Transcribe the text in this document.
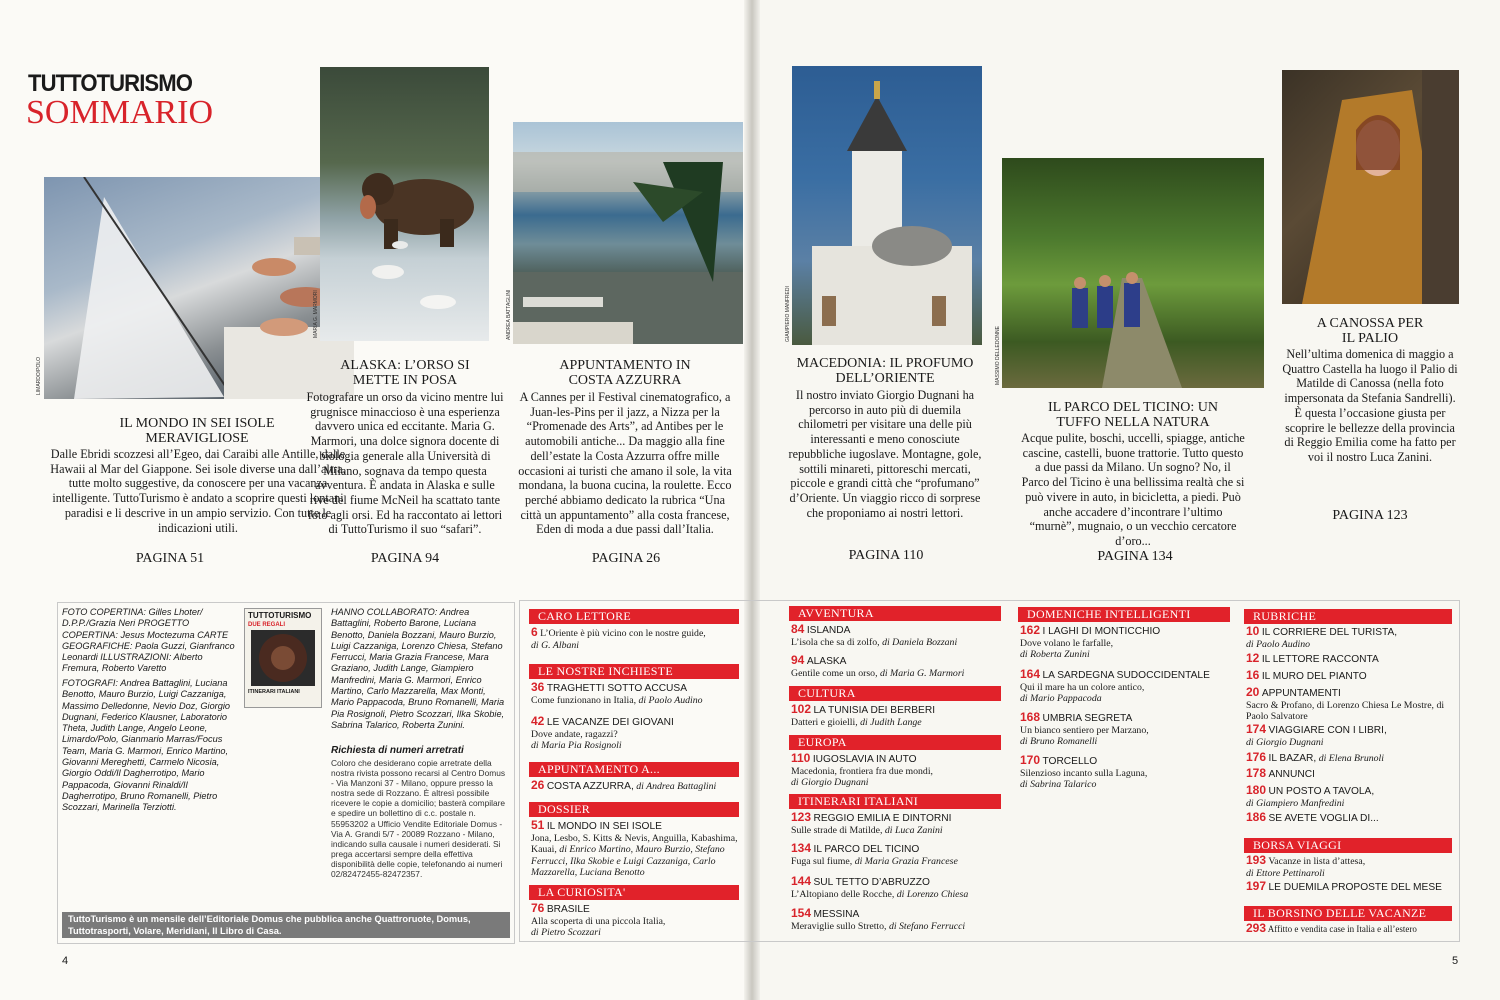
TUTTOTURISMO
SOMMARIO
LIMARDO/POLO
MARIA G. MARMORI	ANDREA BATTAGLINI	GIAMPIERO MANFREDI
MASSIMO DELLEDONNE
IL MONDO IN SEI ISOLE MERAVIGLIOSE
Dalle Ebridi scozzesi all’Egeo, dai Caraibi alle Antille, dalle Hawaii al Mar del Giappone. Sei isole diverse una dall’altra, tutte molto suggestive, da conoscere per una vacanza intelligente. TuttoTurismo è andato a scoprire questi lontani paradisi e li descrive in un ampio servizio. Con tutte le indicazioni utili.
PAGINA 51
ALASKA: L’ORSO SI METTE IN POSA
Fotografare un orso da vicino mentre lui grugnisce minaccioso è una esperienza davvero unica ed eccitante. Maria G. Marmori, una dolce signora docente di biologia generale alla Università di Milano, sognava da tempo questa avventura. È andata in Alaska e sulle rive del fiume McNeil ha scattato tante foto agli orsi. Ed ha raccontato ai lettori di TuttoTurismo il suo “safari”.
PAGINA 94
APPUNTAMENTO IN COSTA AZZURRA
A Cannes per il Festival cinematografico, a Juan-les-Pins per il jazz, a Nizza per la “Promenade des Arts”, ad Antibes per le automobili antiche... Da maggio alla fine dell’estate la Costa Azzurra offre mille occasioni ai turisti che amano il sole, la vita mondana, la buona cucina, la roulette. Ecco perché abbiamo dedicato la rubrica “Una città un appuntamento” alla costa francese, Eden di moda a due passi dall’Italia.
PAGINA 26
MACEDONIA: IL PROFUMO DELL’ORIENTE
Il nostro inviato Giorgio Dugnani ha percorso in auto più di duemila chilometri per visitare una delle più interessanti e meno conosciute repubbliche iugoslave. Montagne, gole, sottili minareti, pittoreschi mercati, piccole e grandi città che “profumano” d’Oriente. Un viaggio ricco di sorprese che proponiamo ai nostri lettori.
PAGINA 110
IL PARCO DEL TICINO: UN TUFFO NELLA NATURA
Acque pulite, boschi, uccelli, spiagge, antiche cascine, castelli, buone trattorie. Tutto questo a due passi da Milano. Un sogno? No, il Parco del Ticino è una bellissima realtà che si può vivere in auto, in bicicletta, a piedi. Può anche accadere d’incontrare l’ultimo “murnè”, mugnaio, o un vecchio cercatore d’oro...
PAGINA 134
A CANOSSA PER IL PALIO
Nell’ultima domenica di maggio a Quattro Castella ha luogo il Palio di Matilde di Canossa (nella foto impersonata da Stefania Sandrelli). È questa l’occasione giusta per scoprire le bellezze della provincia di Reggio Emilia come ha fatto per voi il nostro Luca Zanini.
PAGINA 123
FOTO COPERTINA: Gilles Lhoter/ D.P.P./Grazia Neri PROGETTO COPERTINA: Jesus Moctezuma CARTE GEOGRAFICHE: Paola Guzzi, Gianfranco Leonardi ILLUSTRAZIONI: Alberto Fremura, Roberto Varetto
FOTOGRAFI: Andrea Battaglini, Luciana Benotto, Mauro Burzio, Luigi Cazzaniga, Massimo Delledonne, Nevio Doz, Giorgio Dugnani, Federico Klausner, Laboratorio Theta, Judith Lange, Angelo Leone, Limardo/Polo, Gianmario Marras/Focus Team, Maria G. Marmori, Enrico Martino, Giovanni Mereghetti, Carmelo Nicosia, Giorgio Oddi/Il Dagherrotipo, Mario Pappacoda, Giovanni Rinaldi/Il Dagherrotipo, Bruno Romanelli, Pietro Scozzari, Marinella Terziotti.
HANNO COLLABORATO: Andrea Battaglini, Roberto Barone, Luciana Benotto, Daniela Bozzani, Mauro Burzio, Luigi Cazzaniga, Lorenzo Chiesa, Stefano Ferrucci, Maria Grazia Francese, Mara Graziano, Judith Lange, Giampiero Manfredini, Maria G. Marmori, Enrico Martino, Carlo Mazzarella, Max Monti, Mario Pappacoda, Bruno Romanelli, Maria Pia Rosignoli, Pietro Scozzari, Ilka Skobie, Sabrina Talarico, Roberta Zunini.
TUTTOTURISMO
DUE REGALI
ITINERARI ITALIANI
Richiesta di numeri arretrati
Coloro che desiderano copie arretrate della nostra rivista possono recarsi al Centro Domus - Via Manzoni 37 - Milano, oppure presso la nostra sede di Rozzano. È altresì possibile ricevere le copie a domicilio; basterà compilare e spedire un bollettino di c.c. postale n. 55953202 a Ufficio Vendite Editoriale Domus - Via A. Grandi 5/7 - 20089 Rozzano - Milano, indicando sulla causale i numeri desiderati. Si prega accertarsi sempre della effettiva disponibilità delle copie, telefonando ai numeri 02/82472455-82472357.
TuttoTurismo è un mensile dell’Editoriale Domus che pubblica anche Quattroruote, Domus, Tuttotrasporti, Volare, Meridiani, Il Libro di Casa.
4	5
CARO LETTORE
6 L’Oriente è più vicino con le nostre guide,
di G. Albani
LE NOSTRE INCHIESTE
36 TRAGHETTI SOTTO ACCUSA
Come funzionano in Italia, di Paolo Audino
42 LE VACANZE DEI GIOVANI
Dove andate, ragazzi?
di Maria Pia Rosignoli
APPUNTAMENTO A...
26 COSTA AZZURRA, di Andrea Battaglini
DOSSIER
51 IL MONDO IN SEI ISOLE
Jona, Lesbo, S. Kitts & Nevis, Anguilla, Kabashima, Kauai, di Enrico Martino, Mauro Burzio, Stefano Ferrucci, Ilka Skobie e Luigi Cazzaniga, Carlo Mazzarella, Luciana Benotto
LA CURIOSITA'
76 BRASILE
Alla scoperta di una piccola Italia,
di Pietro Scozzari
AVVENTURA
84 ISLANDA
L’isola che sa di zolfo, di Daniela Bozzani
94 ALASKA
Gentile come un orso, di Maria G. Marmori
CULTURA
102 LA TUNISIA DEI BERBERI
Datteri e gioielli, di Judith Lange
EUROPA
110 IUGOSLAVIA IN AUTO
Macedonia, frontiera fra due mondi,
di Giorgio Dugnani
ITINERARI ITALIANI
123 REGGIO EMILIA E DINTORNI
Sulle strade di Matilde, di Luca Zanini
134 IL PARCO DEL TICINO
Fuga sul fiume, di Maria Grazia Francese
144 SUL TETTO D’ABRUZZO
L’Altopiano delle Rocche, di Lorenzo Chiesa
154 MESSINA
Meraviglie sullo Stretto, di Stefano Ferrucci
DOMENICHE INTELLIGENTI
162 I LAGHI DI MONTICCHIO
Dove volano le farfalle,
di Roberta Zunini
164 LA SARDEGNA SUDOCCIDENTALE
Qui il mare ha un colore antico,
di Mario Pappacoda
168 UMBRIA SEGRETA
Un bianco sentiero per Marzano,
di Bruno Romanelli
170 TORCELLO
Silenzioso incanto sulla Laguna,
di Sabrina Talarico
RUBRICHE
10 IL CORRIERE DEL TURISTA,
di Paolo Audino
12 IL LETTORE RACCONTA
16 IL MURO DEL PIANTO
20 APPUNTAMENTI
Sacro & Profano, di Lorenzo Chiesa Le Mostre, di Paolo Salvatore
174 VIAGGIARE CON I LIBRI,
di Giorgio Dugnani
176 IL BAZAR, di Elena Brunoli
178 ANNUNCI
180 UN POSTO A TAVOLA,
di Giampiero Manfredini
186 SE AVETE VOGLIA DI...
BORSA VIAGGI
193 Vacanze in lista d’attesa,
di Ettore Pettinaroli
197 LE DUEMILA PROPOSTE DEL MESE
IL BORSINO DELLE VACANZE
293 Affitto e vendita case in Italia e all’estero
